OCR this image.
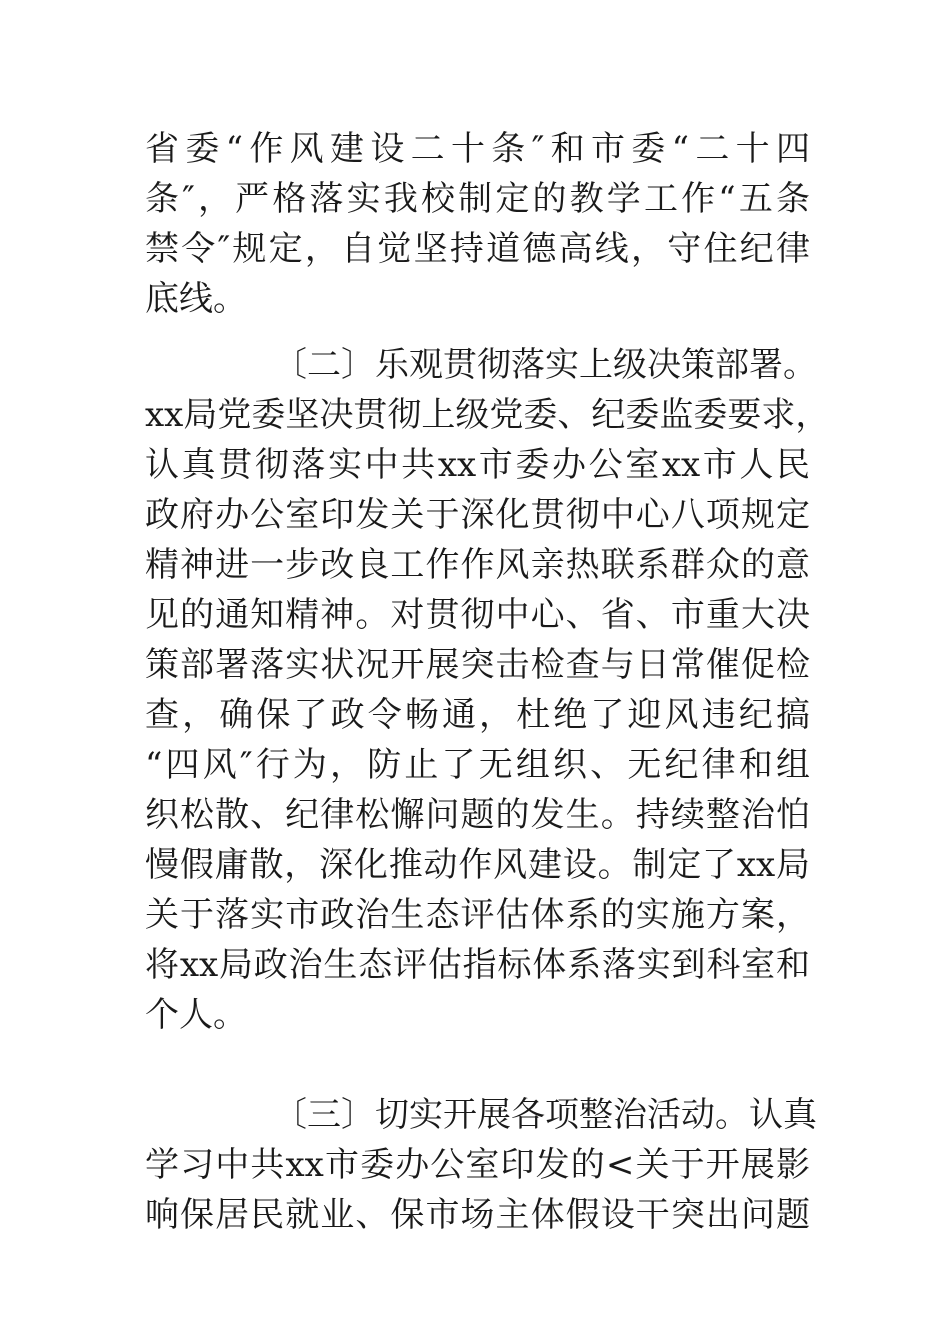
省委“作风建设二十条″和市委“二十四
条″，严格落实我校制定的教学工作“五条
禁令″规定，自觉坚持道德高线，守住纪律
底线。
〔二〕乐观贯彻落实上级决策部署。
xx局党委坚决贯彻上级党委、纪委监委要求，
认真贯彻落实中共xx市委办公室xx市人民
政府办公室印发关于深化贯彻中心八项规定
精神进一步改良工作作风亲热联系群众的意
见的通知精神。对贯彻中心、省、市重大决
策部署落实状况开展突击检查与日常催促检
查，确保了政令畅通，杜绝了迎风违纪搞
“四风″行为，防止了无组织、无纪律和组
织松散、纪律松懈问题的发生。持续整治怕
慢假庸散，深化推动作风建设。制定了xx局
关于落实市政治生态评估体系的实施方案，
将xx局政治生态评估指标体系落实到科室和
个人。
〔三〕切实开展各项整治活动。认真
学习中共xx市委办公室印发的<关于开展影
响保居民就业、保市场主体假设干突出问题
